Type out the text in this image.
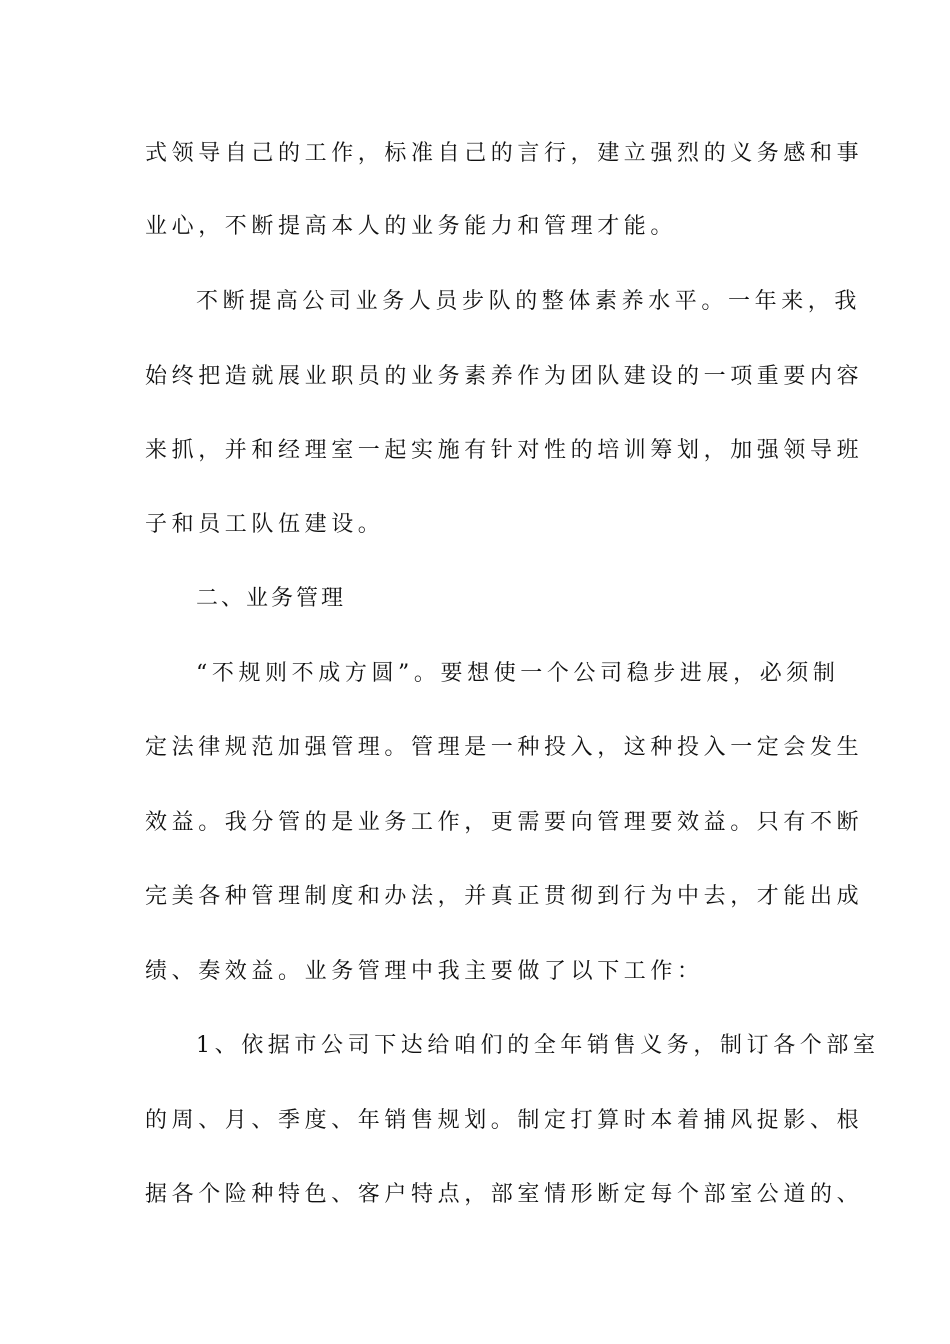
式领导自己的工作，标准自己的言行，建立强烈的义务感和事
业心，不断提高本人的业务能力和管理才能。
不断提高公司业务人员步队的整体素养水平。一年来，我
始终把造就展业职员的业务素养作为团队建设的一项重要内容
来抓，并和经理室一起实施有针对性的培训筹划，加强领导班
子和员工队伍建设。
二、业务管理
“不规则不成方圆”。要想使一个公司稳步进展，必须制
定法律规范加强管理。管理是一种投入，这种投入一定会发生
效益。我分管的是业务工作，更需要向管理要效益。只有不断
完美各种管理制度和办法，并真正贯彻到行为中去，才能出成
绩、奏效益。业务管理中我主要做了以下工作：
1、依据市公司下达给咱们的全年销售义务，制订各个部室
的周、月、季度、年销售规划。制定打算时本着捕风捉影、根
据各个险种特色、客户特点，部室情形断定每个部室公道的、
